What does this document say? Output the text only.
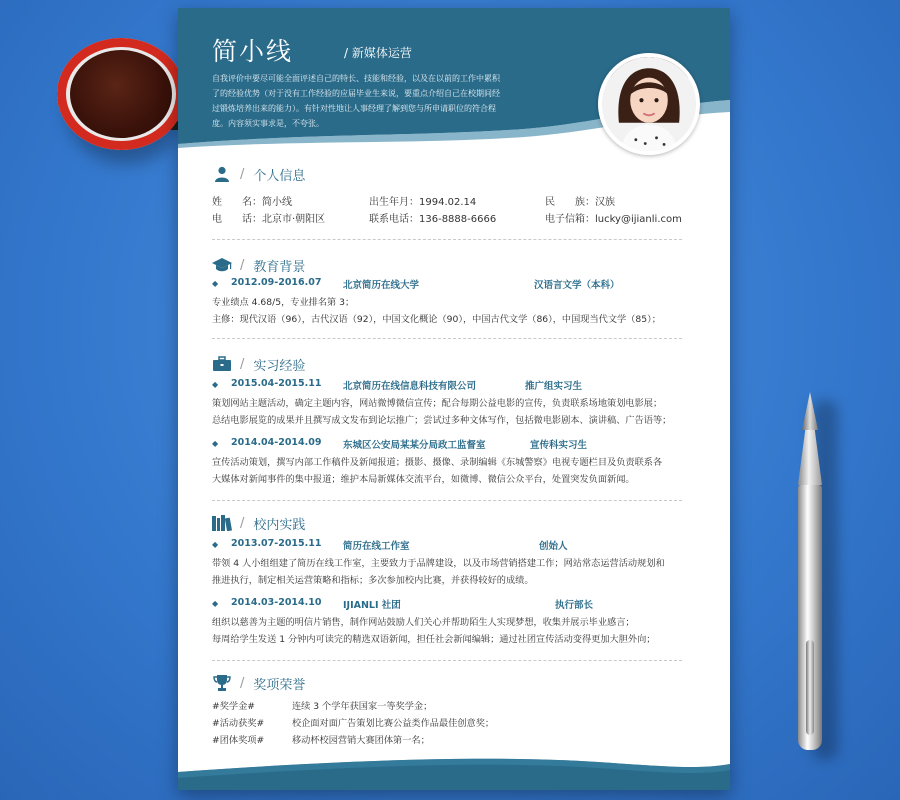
简小线	/ 新媒体运营
自我评价中要尽可能全面评述自己的特长、技能和经验，以及在以前的工作中累积了的经验优势（对于没有工作经验的应届毕业生来说，要重点介绍自己在校期间经过锻炼培养出来的能力）。有针对性地让人事经理了解到您与所申请职位的符合程度。内容须实事求是，不夸张。
/ 个人信息
姓　　名：简小线	出生年月：1994.02.14	民　　族：汉族
电　　话：北京市·朝阳区	联系电话：136-8888-6666	电子信箱：lucky@ijianli.com
/ 教育背景
◆ 2012.09-2016.07 北京简历在线大学	汉语言文学（本科）
专业绩点 4.68/5，专业排名第 3；
主修：现代汉语（96），古代汉语（92），中国文化概论（90），中国古代文学（86），中国现当代文学（85）；
/ 实习经验
◆ 2015.04-2015.11 北京简历在线信息科技有限公司	推广组实习生
策划网站主题活动，确定主题内容，网站微博微信宣传；配合每期公益电影的宣传，负责联系场地策划电影展；
总结电影展览的成果并且撰写成文发布到论坛推广；尝试过多种文体写作，包括微电影剧本、演讲稿、广告语等；
◆ 2014.04-2014.09 东城区公安局某某分局政工监督室	宣传科实习生
宣传活动策划，撰写内部工作稿件及新闻报道；摄影、摄像、录制编辑《东城警察》电视专题栏目及负责联系各
大媒体对新闻事件的集中报道；维护本局新媒体交流平台，如微博、微信公众平台，处置突发负面新闻。
/ 校内实践
◆ 2013.07-2015.11 简历在线工作室	创始人
带领 4 人小组组建了简历在线工作室，主要致力于品牌建设，以及市场营销搭建工作；网站常态运营活动规划和
推进执行，制定相关运营策略和指标；多次参加校内比赛，并获得较好的成绩。
◆ 2014.03-2014.10 IJIANLI 社团	执行部长
组织以慈善为主题的明信片销售，制作网站鼓励人们关心并帮助陌生人实现梦想，收集并展示毕业感言；
每周给学生发送 1 分钟内可读完的精选双语新闻，担任社会新闻编辑；通过社团宣传活动变得更加大胆外向；
/ 奖项荣誉
#奖学金#	连续 3 个学年获国家一等奖学金；
#活动获奖#	校企面对面广告策划比赛公益类作品最佳创意奖；
#团体奖项#	移动杯校园营销大赛团体第一名；
